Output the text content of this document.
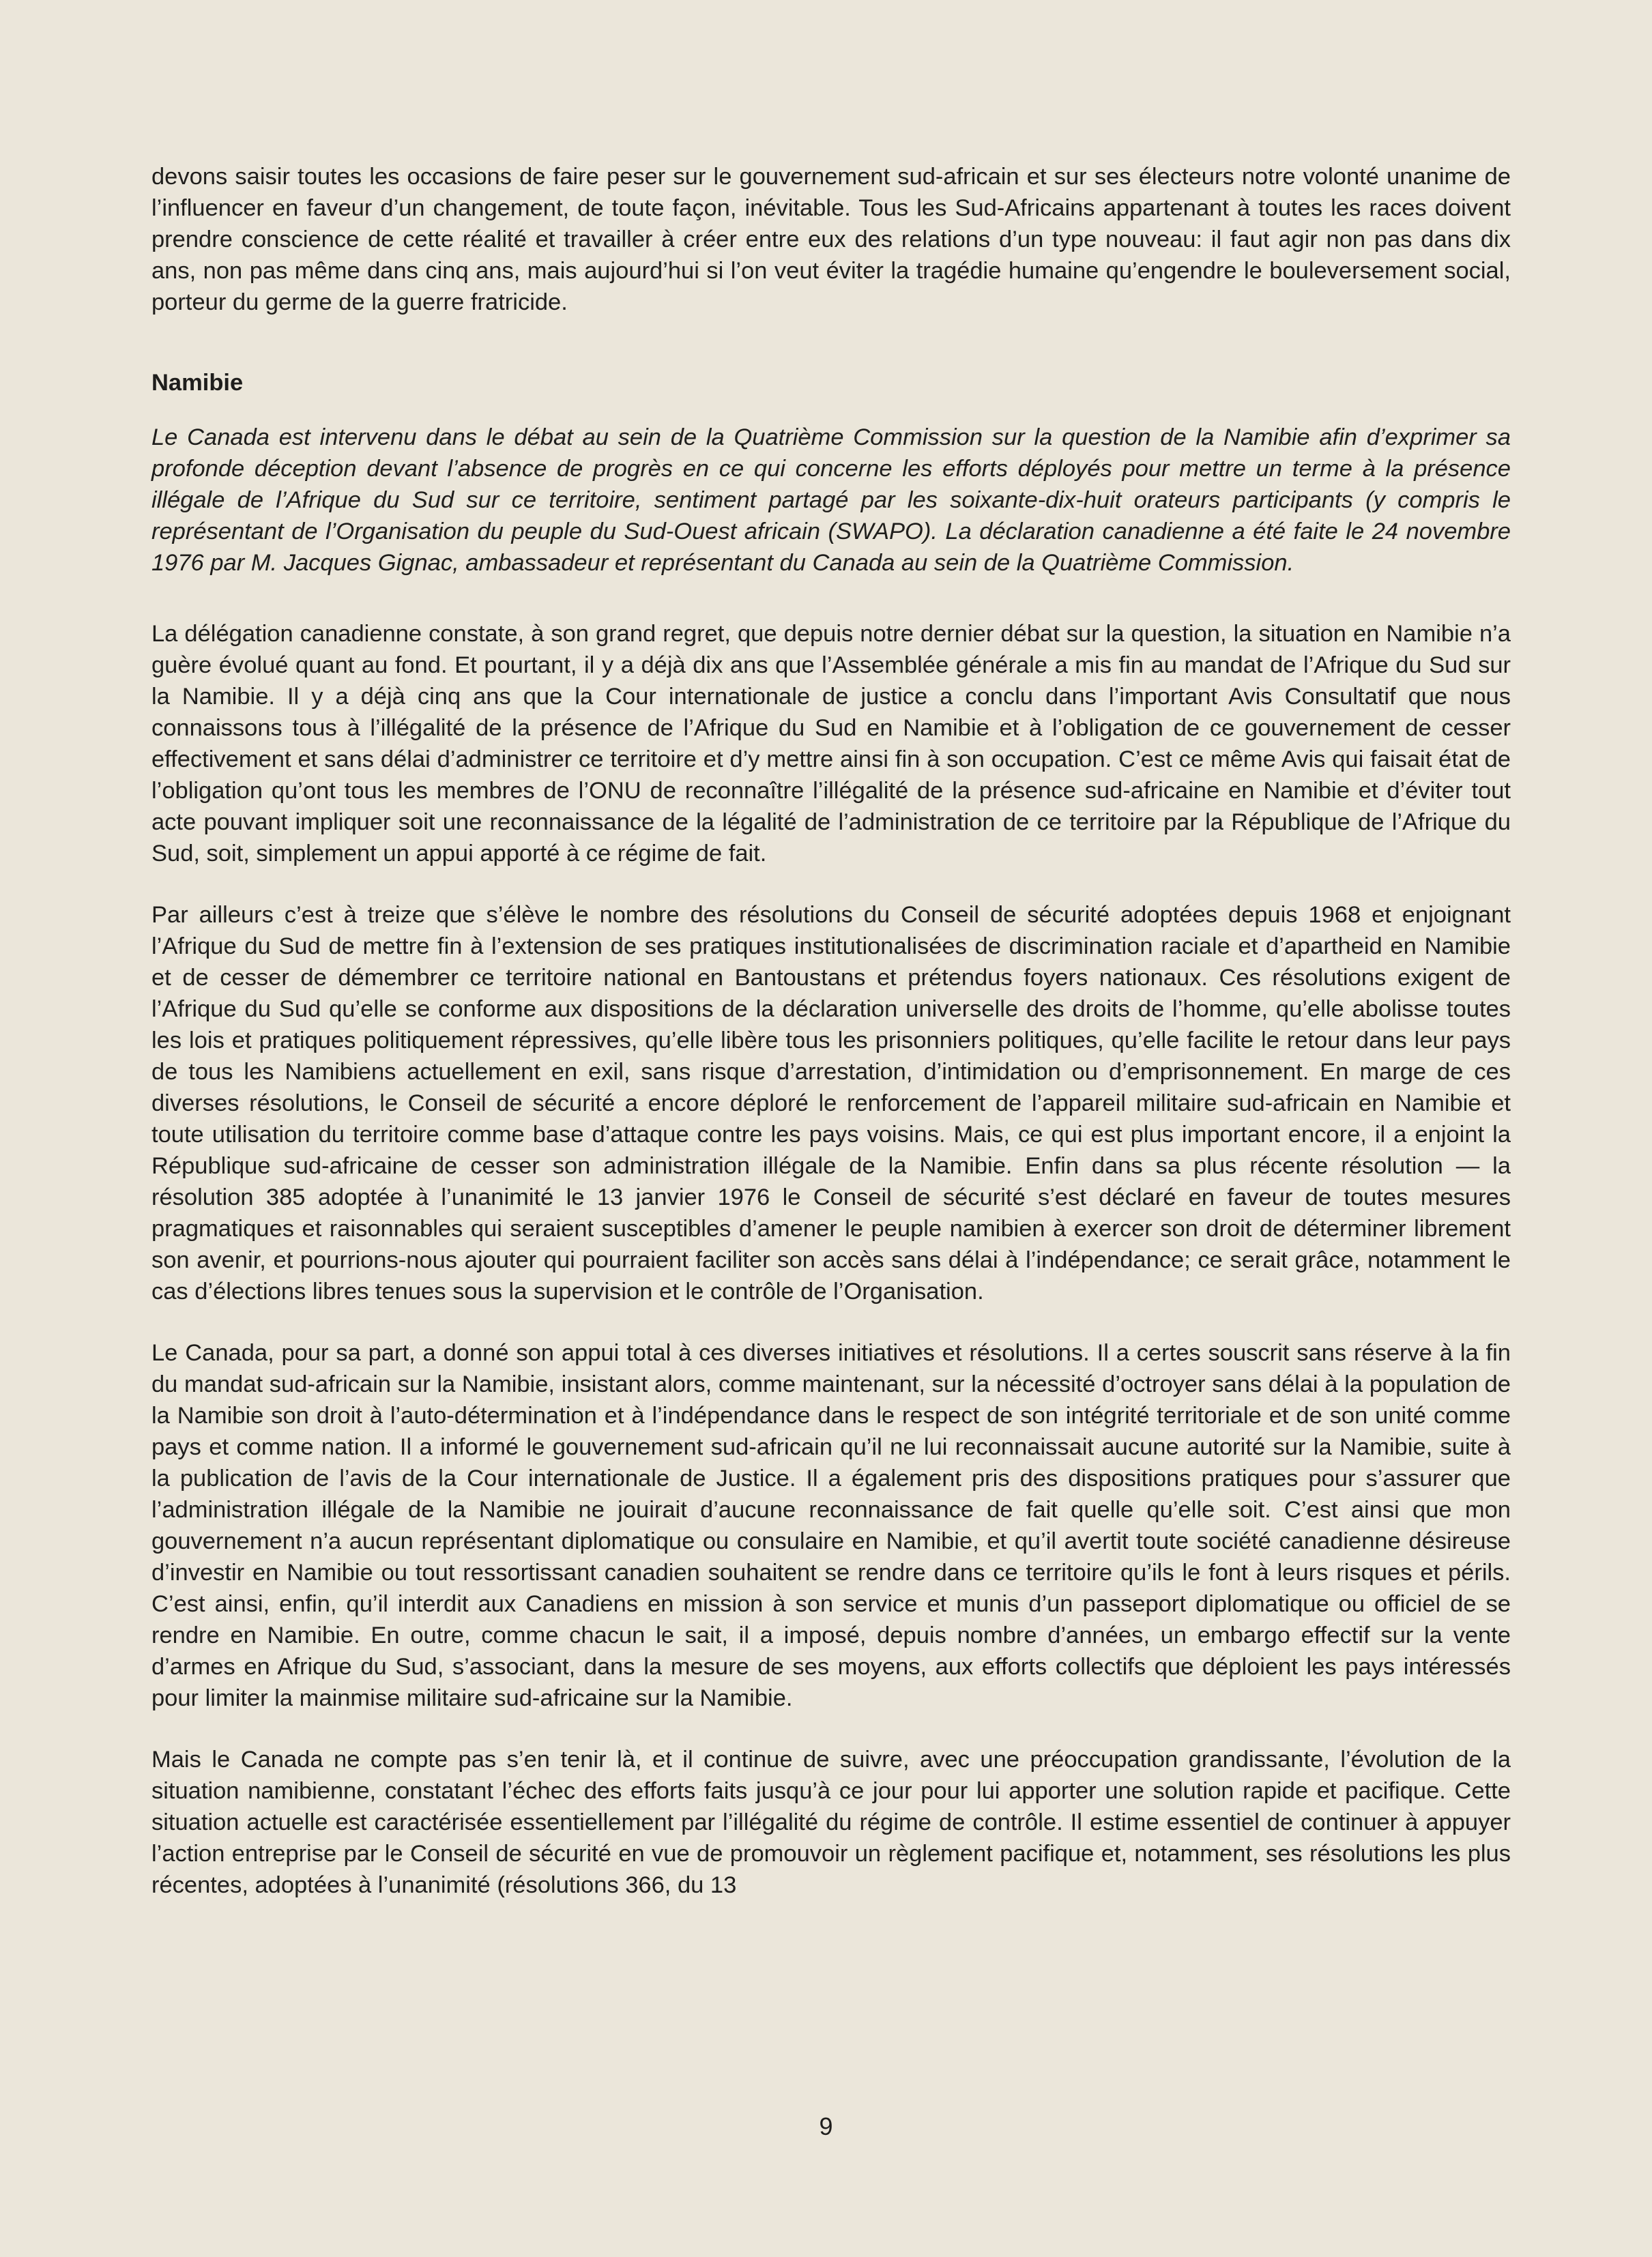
devons saisir toutes les occasions de faire peser sur le gouvernement sud-africain et sur ses électeurs notre volonté unanime de l’influencer en faveur d’un changement, de toute façon, inévitable. Tous les Sud-Africains appartenant à toutes les races doivent prendre conscience de cette réalité et travailler à créer entre eux des relations d’un type nouveau: il faut agir non pas dans dix ans, non pas même dans cinq ans, mais aujourd’hui si l’on veut éviter la tragédie humaine qu’engendre le bouleversement social, porteur du germe de la guerre fratricide.

Namibie

Le Canada est intervenu dans le débat au sein de la Quatrième Commission sur la question de la Namibie afin d’exprimer sa profonde déception devant l’absence de progrès en ce qui concerne les efforts déployés pour mettre un terme à la présence illégale de l’Afrique du Sud sur ce territoire, sentiment partagé par les soixante-dix-huit orateurs participants (y compris le représentant de l’Organisation du peuple du Sud-Ouest africain (SWAPO). La déclaration canadienne a été faite le 24 novembre 1976 par M. Jacques Gignac, ambassadeur et représentant du Canada au sein de la Quatrième Commission.

La délégation canadienne constate, à son grand regret, que depuis notre dernier débat sur la question, la situation en Namibie n’a guère évolué quant au fond. Et pourtant, il y a déjà dix ans que l’Assemblée générale a mis fin au mandat de l’Afrique du Sud sur la Namibie. Il y a déjà cinq ans que la Cour internationale de justice a conclu dans l’important Avis Consultatif que nous connaissons tous à l’illégalité de la présence de l’Afrique du Sud en Namibie et à l’obligation de ce gouvernement de cesser effectivement et sans délai d’administrer ce territoire et d’y mettre ainsi fin à son occupation. C’est ce même Avis qui faisait état de l’obligation qu’ont tous les membres de l’ONU de reconnaître l’illégalité de la présence sud-africaine en Namibie et d’éviter tout acte pouvant impliquer soit une reconnaissance de la légalité de l’administration de ce territoire par la République de l’Afrique du Sud, soit, simplement un appui apporté à ce régime de fait.

Par ailleurs c’est à treize que s’élève le nombre des résolutions du Conseil de sécurité adoptées depuis 1968 et enjoignant l’Afrique du Sud de mettre fin à l’extension de ses pratiques institutionalisées de discrimination raciale et d’apartheid en Namibie et de cesser de démembrer ce territoire national en Bantoustans et prétendus foyers nationaux. Ces résolutions exigent de l’Afrique du Sud qu’elle se conforme aux dispositions de la déclaration universelle des droits de l’homme, qu’elle abolisse toutes les lois et pratiques politiquement répressives, qu’elle libère tous les prisonniers politiques, qu’elle facilite le retour dans leur pays de tous les Namibiens actuellement en exil, sans risque d’arrestation, d’intimidation ou d’emprisonnement. En marge de ces diverses résolutions, le Conseil de sécurité a encore déploré le renforcement de l’appareil militaire sud-africain en Namibie et toute utilisation du territoire comme base d’attaque contre les pays voisins. Mais, ce qui est plus important encore, il a enjoint la République sud-africaine de cesser son administration illégale de la Namibie. Enfin dans sa plus récente résolution — la résolution 385 adoptée à l’unanimité le 13 janvier 1976 le Conseil de sécurité s’est déclaré en faveur de toutes mesures pragmatiques et raisonnables qui seraient susceptibles d’amener le peuple namibien à exercer son droit de déterminer librement son avenir, et pourrions-nous ajouter qui pourraient faciliter son accès sans délai à l’indépendance; ce serait grâce, notamment le cas d’élections libres tenues sous la supervision et le contrôle de l’Organisation.

Le Canada, pour sa part, a donné son appui total à ces diverses initiatives et résolutions. Il a certes souscrit sans réserve à la fin du mandat sud-africain sur la Namibie, insistant alors, comme maintenant, sur la nécessité d’octroyer sans délai à la population de la Namibie son droit à l’auto-détermination et à l’indépendance dans le respect de son intégrité territoriale et de son unité comme pays et comme nation. Il a informé le gouvernement sud-africain qu’il ne lui reconnaissait aucune autorité sur la Namibie, suite à la publication de l’avis de la Cour internationale de Justice. Il a également pris des dispositions pratiques pour s’assurer que l’administration illégale de la Namibie ne jouirait d’aucune reconnaissance de fait quelle qu’elle soit. C’est ainsi que mon gouvernement n’a aucun représentant diplomatique ou consulaire en Namibie, et qu’il avertit toute société canadienne désireuse d’investir en Namibie ou tout ressortissant canadien souhaitent se rendre dans ce territoire qu’ils le font à leurs risques et périls. C’est ainsi, enfin, qu’il interdit aux Canadiens en mission à son service et munis d’un passeport diplomatique ou officiel de se rendre en Namibie. En outre, comme chacun le sait, il a imposé, depuis nombre d’années, un embargo effectif sur la vente d’armes en Afrique du Sud, s’associant, dans la mesure de ses moyens, aux efforts collectifs que déploient les pays intéressés pour limiter la mainmise militaire sud-africaine sur la Namibie.

Mais le Canada ne compte pas s’en tenir là, et il continue de suivre, avec une préoccupation grandissante, l’évolution de la situation namibienne, constatant l’échec des efforts faits jusqu’à ce jour pour lui apporter une solution rapide et pacifique. Cette situation actuelle est caractérisée essentiellement par l’illégalité du régime de contrôle. Il estime essentiel de continuer à appuyer l’action entreprise par le Conseil de sécurité en vue de promouvoir un règlement pacifique et, notamment, ses résolutions les plus récentes, adoptées à l’unanimité (résolutions 366, du 13

9
